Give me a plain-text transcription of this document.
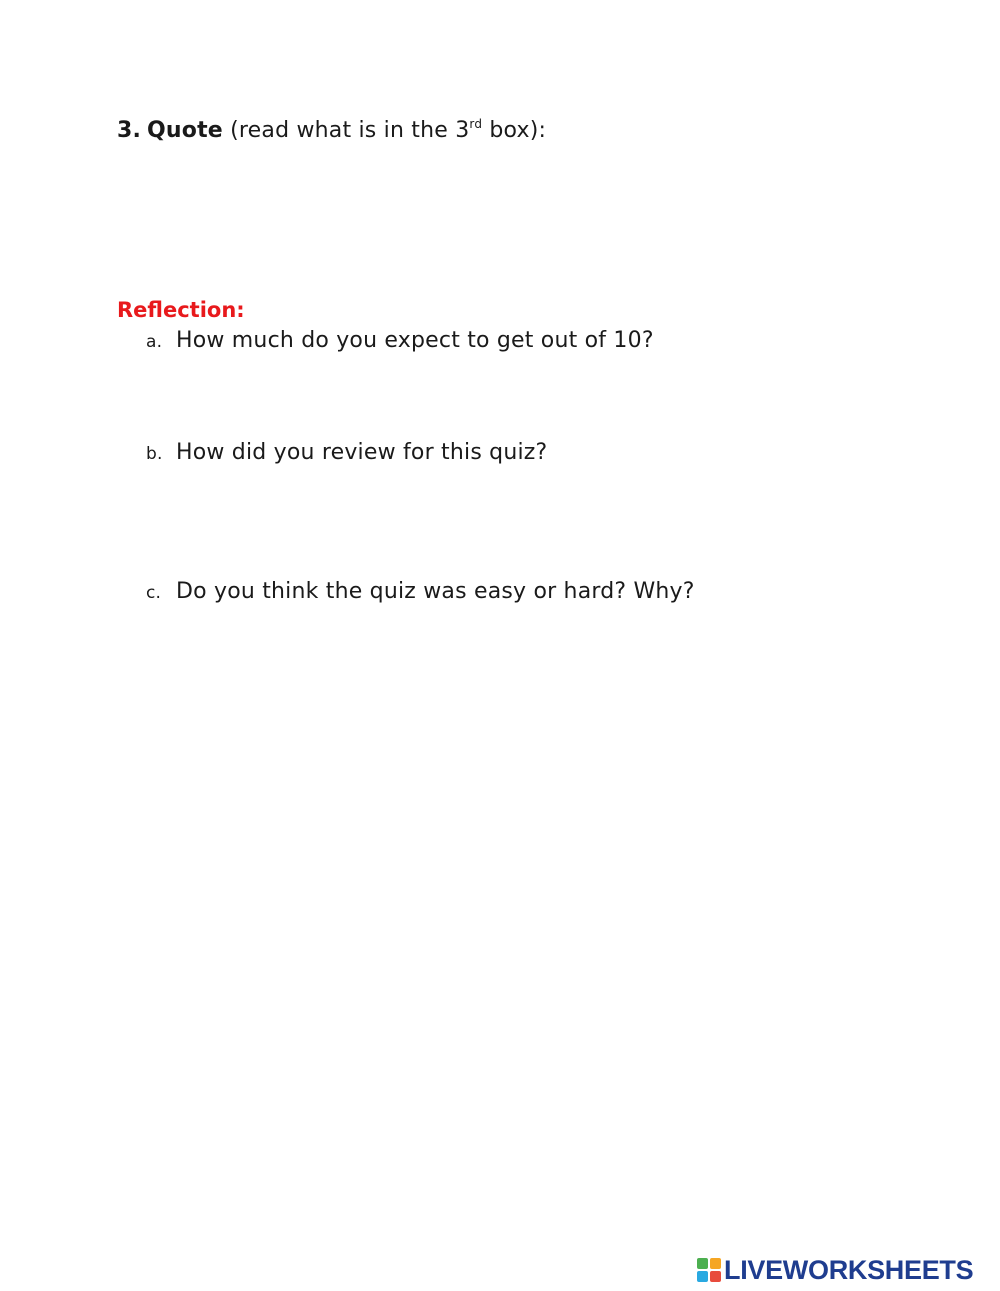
3. Quote (read what is in the 3rd box):
Reflection:
a. How much do you expect to get out of 10?
b. How did you review for this quiz?
c. Do you think the quiz was easy or hard? Why?
LIVEWORKSHEETS
